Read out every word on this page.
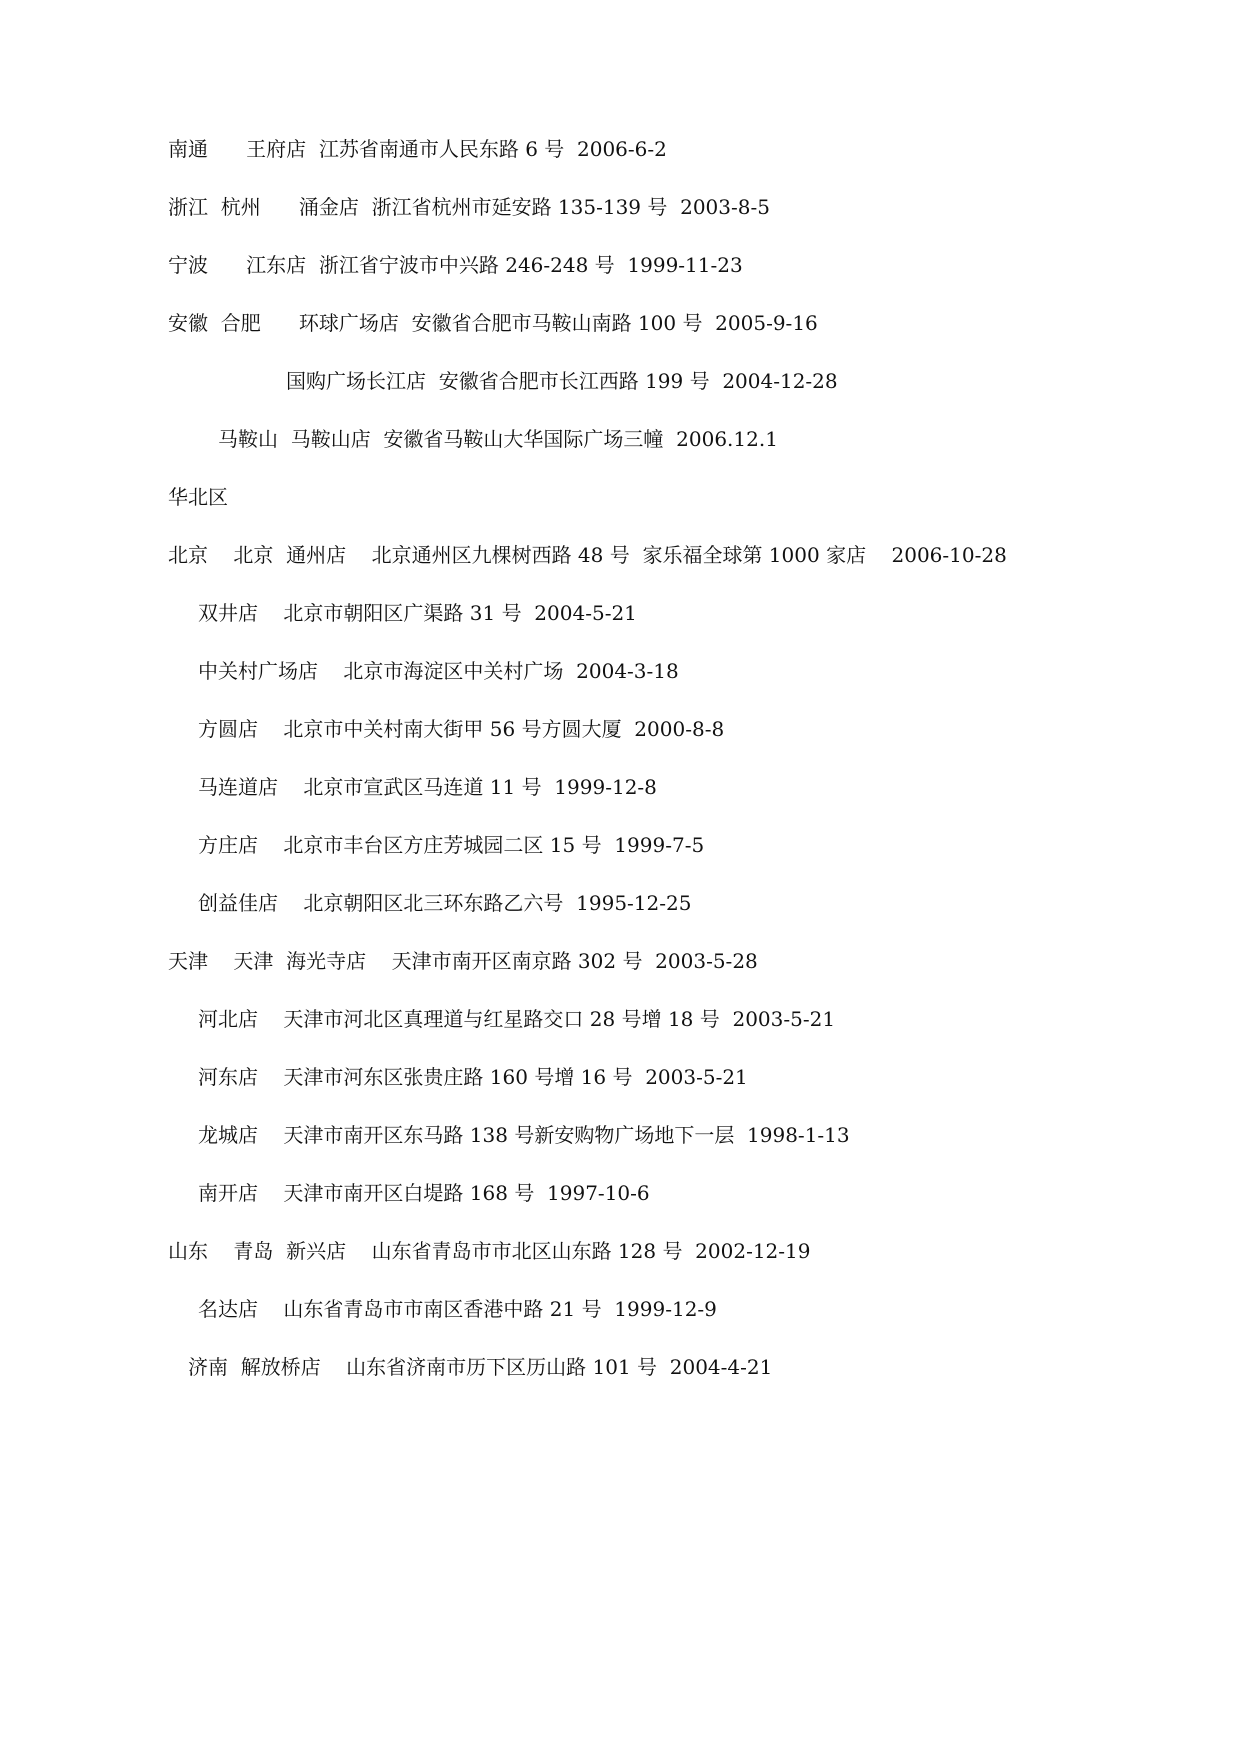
南通      王府店  江苏省南通市人民东路 6 号  2006-6-2
浙江  杭州      涌金店  浙江省杭州市延安路 135-139 号  2003-8-5
宁波      江东店  浙江省宁波市中兴路 246-248 号  1999-11-23
安徽  合肥      环球广场店  安徽省合肥市马鞍山南路 100 号  2005-9-16
国购广场长江店  安徽省合肥市长江西路 199 号  2004-12-28
马鞍山  马鞍山店  安徽省马鞍山大华国际广场三幢  2006.12.1
华北区
北京    北京  通州店    北京通州区九棵树西路 48 号  家乐福全球第 1000 家店    2006-10-28
双井店    北京市朝阳区广渠路 31 号  2004-5-21
中关村广场店    北京市海淀区中关村广场  2004-3-18
方圆店    北京市中关村南大街甲 56 号方圆大厦  2000-8-8
马连道店    北京市宣武区马连道 11 号  1999-12-8
方庄店    北京市丰台区方庄芳城园二区 15 号  1999-7-5
创益佳店    北京朝阳区北三环东路乙六号  1995-12-25
天津    天津  海光寺店    天津市南开区南京路 302 号  2003-5-28
河北店    天津市河北区真理道与红星路交口 28 号增 18 号  2003-5-21
河东店    天津市河东区张贵庄路 160 号增 16 号  2003-5-21
龙城店    天津市南开区东马路 138 号新安购物广场地下一层  1998-1-13
南开店    天津市南开区白堤路 168 号  1997-10-6
山东    青岛  新兴店    山东省青岛市市北区山东路 128 号  2002-12-19
名达店    山东省青岛市市南区香港中路 21 号  1999-12-9
济南  解放桥店    山东省济南市历下区历山路 101 号  2004-4-21
